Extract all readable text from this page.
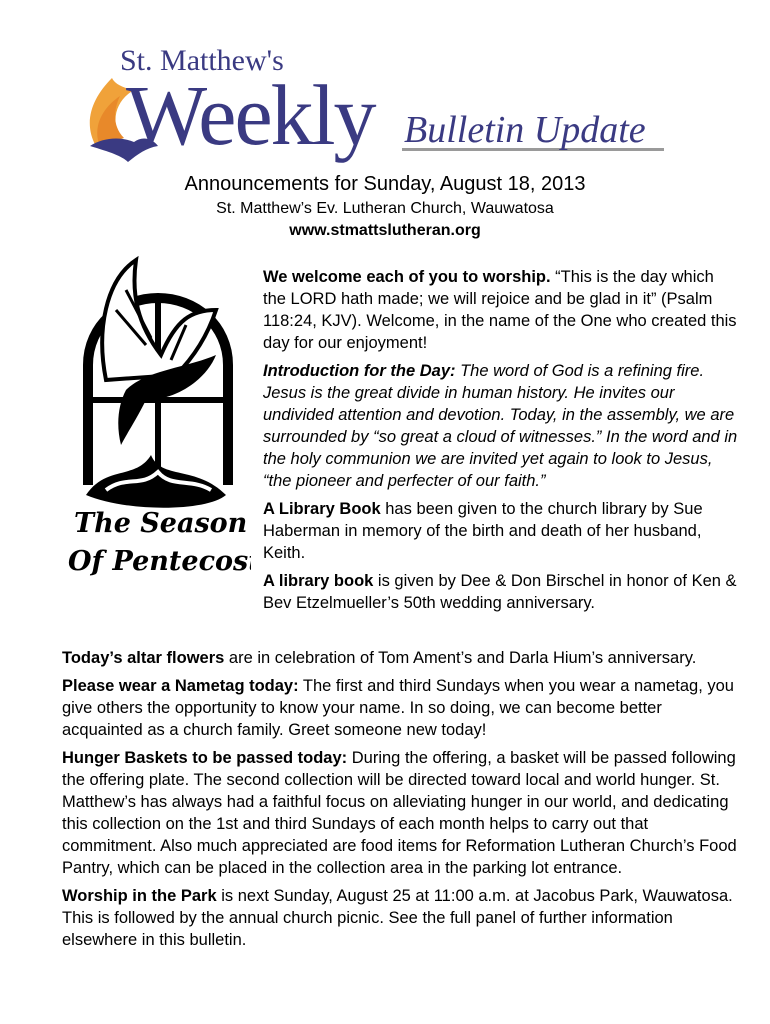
St. Matthew's
Weekly Bulletin Update
Announcements for Sunday, August 18, 2013
St. Matthew’s Ev. Lutheran Church, Wauwatosa
www.stmattslutheran.org
The Season
Of Pentecost

We welcome each of you to worship. “This is the day which the LORD hath made; we will rejoice and be glad in it” (Psalm 118:24, KJV). Welcome, in the name of the One who created this day for our enjoyment!

Introduction for the Day: The word of God is a refining fire. Jesus is the great divide in human history. He invites our undivided attention and devotion. Today, in the assembly, we are surrounded by “so great a cloud of witnesses.” In the word and in the holy communion we are invited yet again to look to Jesus, “the pioneer and perfecter of our faith.”

A Library Book has been given to the church library by Sue Haberman in memory of the birth and death of her husband, Keith.

A library book is given by Dee & Don Birschel in honor of Ken & Bev Etzelmueller’s 50th wedding anniversary.

Today’s altar flowers are in celebration of Tom Ament’s and Darla Hium’s anniversary.

Please wear a Nametag today: The first and third Sundays when you wear a nametag, you give others the opportunity to know your name. In so doing, we can become better acquainted as a church family. Greet someone new today!

Hunger Baskets to be passed today: During the offering, a basket will be passed following the offering plate. The second collection will be directed toward local and world hunger. St. Matthew’s has always had a faithful focus on alleviating hunger in our world, and dedicating this collection on the 1st and third Sundays of each month helps to carry out that commitment. Also much appreciated are food items for Reformation Lutheran Church’s Food Pantry, which can be placed in the collection area in the parking lot entrance.

Worship in the Park is next Sunday, August 25 at 11:00 a.m. at Jacobus Park, Wauwatosa. This is followed by the annual church picnic. See the full panel of further information elsewhere in this bulletin.
